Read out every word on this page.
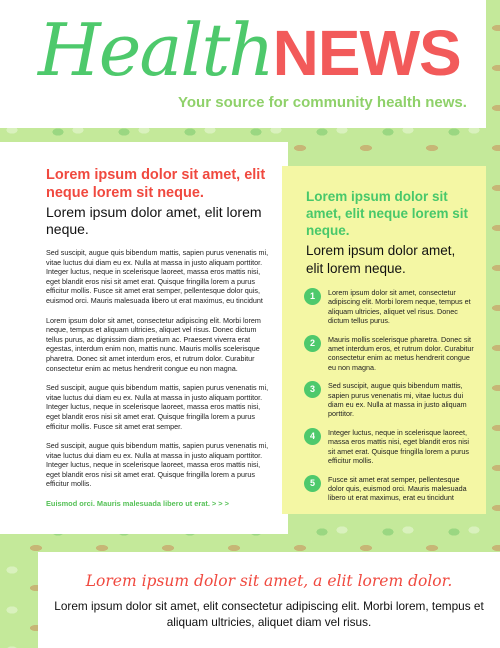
HealthNEWS
Your source for community health news.

Lorem ipsum dolor sit amet, elit neque lorem sit neque.

Lorem ipsum dolor amet, elit lorem neque.

Sed suscipit, augue quis bibendum mattis, sapien purus venenatis mi, vitae luctus dui diam eu ex. Nulla at massa in justo aliquam porttitor. Integer luctus, neque in scelerisque laoreet, massa eros mattis nisi, eget blandit eros nisi sit amet erat. Quisque fringilla lorem a purus efficitur mollis. Fusce sit amet erat semper, pellentesque dolor quis, euismod orci. Mauris malesuada libero ut erat maximus, eu tincidunt

Lorem ipsum dolor sit amet, consectetur adipiscing elit. Morbi lorem neque, tempus et aliquam ultricies, aliquet vel risus. Donec dictum tellus purus, ac dignissim diam pretium ac. Praesent viverra erat egestas, interdum enim non, mattis nunc. Mauris mollis scelerisque pharetra. Donec sit amet interdum eros, et rutrum dolor. Curabitur consectetur enim ac metus hendrerit congue eu non magna.

Sed suscipit, augue quis bibendum mattis, sapien purus venenatis mi, vitae luctus dui diam eu ex. Nulla at massa in justo aliquam porttitor. Integer luctus, neque in scelerisque laoreet, massa eros mattis nisi, eget blandit eros nisi sit amet erat. Quisque fringilla lorem a purus efficitur mollis. Fusce sit amet erat semper.

Sed suscipit, augue quis bibendum mattis, sapien purus venenatis mi, vitae luctus dui diam eu ex. Nulla at massa in justo aliquam porttitor. Integer luctus, neque in scelerisque laoreet, massa eros mattis nisi, eget blandit eros nisi sit amet erat. Quisque fringilla lorem a purus efficitur mollis.

Euismod orci. Mauris malesuada libero ut erat. > > >

Lorem ipsum dolor sit amet, elit neque lorem sit neque.

Lorem ipsum dolor amet, elit lorem neque.

1	Lorem ipsum dolor sit amet, consectetur adipiscing elit. Morbi lorem neque, tempus et aliquam ultricies, aliquet vel risus. Donec dictum tellus purus.
2	Mauris mollis scelerisque pharetra. Donec sit amet interdum eros, et rutrum dolor. Curabitur consectetur enim ac metus hendrerit congue eu non magna.
3	Sed suscipit, augue quis bibendum mattis, sapien purus venenatis mi, vitae luctus dui diam eu ex. Nulla at massa in justo aliquam porttitor.
4	Integer luctus, neque in scelerisque laoreet, massa eros mattis nisi, eget blandit eros nisi sit amet erat. Quisque fringilla lorem a purus efficitur mollis.
5	Fusce sit amet erat semper, pellentesque dolor quis, euismod orci. Mauris malesuada libero ut erat maximus, erat eu tincidunt
Lorem ipsum dolor sit amet, a elit lorem dolor.
Lorem ipsum dolor sit amet, elit consectetur adipiscing elit. Morbi lorem, tempus et aliquam ultricies, aliquet diam vel risus.
